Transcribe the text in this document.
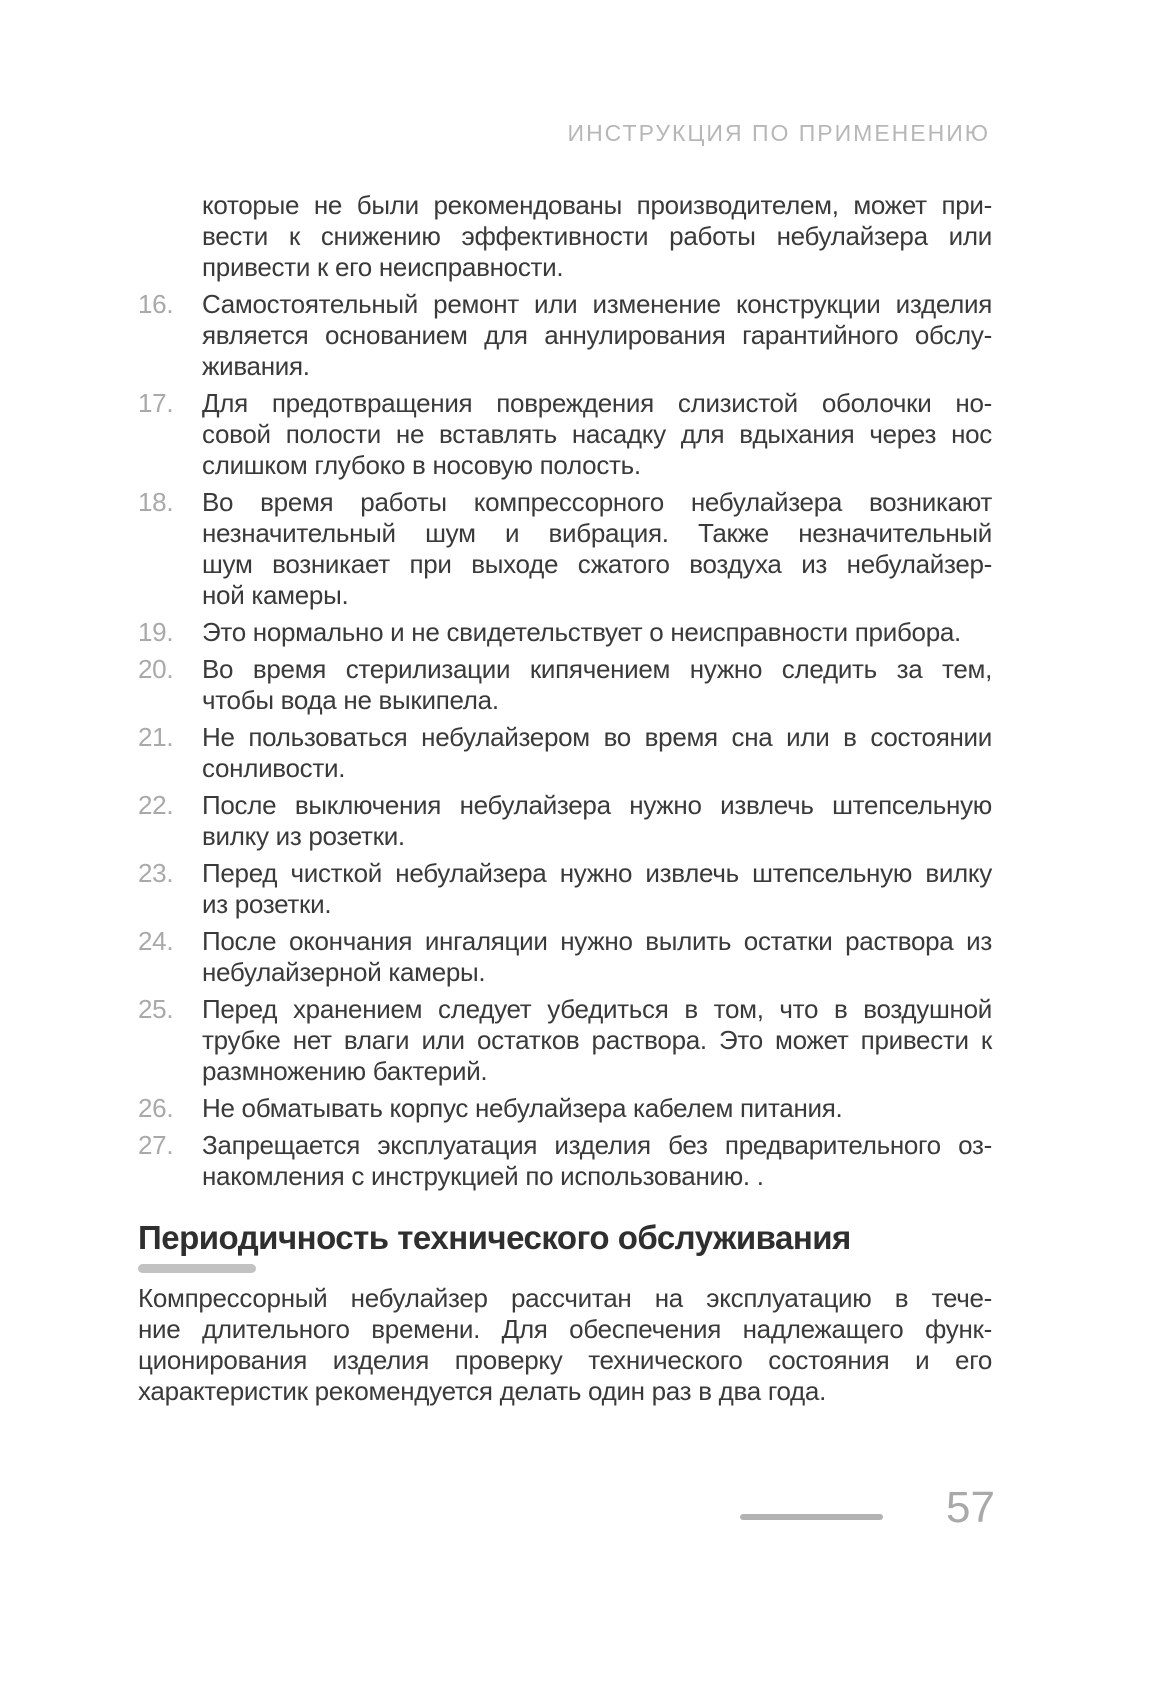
ИНСТРУКЦИЯ ПО ПРИМЕНЕНИЮ
которые не были рекомендованы производителем, может при-
вести к снижению эффективности работы небулайзера или
привести к его неисправности.
16.	Самостоятельный ремонт или изменение конструкции изделия
является основанием для аннулирования гарантийного обслу-
живания.
17.	Для предотвращения повреждения слизистой оболочки но-
совой полости не вставлять насадку для вдыхания через нос
слишком глубоко в носовую полость.
18.	Во время работы компрессорного небулайзера возникают
незначительный шум и вибрация. Также незначительный
шум возникает при выходе сжатого воздуха из небулайзер-
ной камеры.
19.	Это нормально и не свидетельствует о неисправности прибора.
20.	Во время стерилизации кипячением нужно следить за тем,
чтобы вода не выкипела.
21.	Не пользоваться небулайзером во время сна или в состоянии
сонливости.
22.	После выключения небулайзера нужно извлечь штепсельную
вилку из розетки.
23.	Перед чисткой небулайзера нужно извлечь штепсельную вилку
из розетки.
24.	После окончания ингаляции нужно вылить остатки раствора из
небулайзерной камеры.
25.	Перед хранением следует убедиться в том, что в воздушной
трубке нет влаги или остатков раствора. Это может привести к
размножению бактерий.
26.	Не обматывать корпус небулайзера кабелем питания.
27.	Запрещается эксплуатация изделия без предварительного оз-
накомления с инструкцией по использованию. .
Периодичность технического обслуживания
Компрессорный небулайзер рассчитан на эксплуатацию в тече-
ние длительного времени. Для обеспечения надлежащего функ-
ционирования изделия проверку технического состояния и его
характеристик рекомендуется делать один раз в два года.
57
